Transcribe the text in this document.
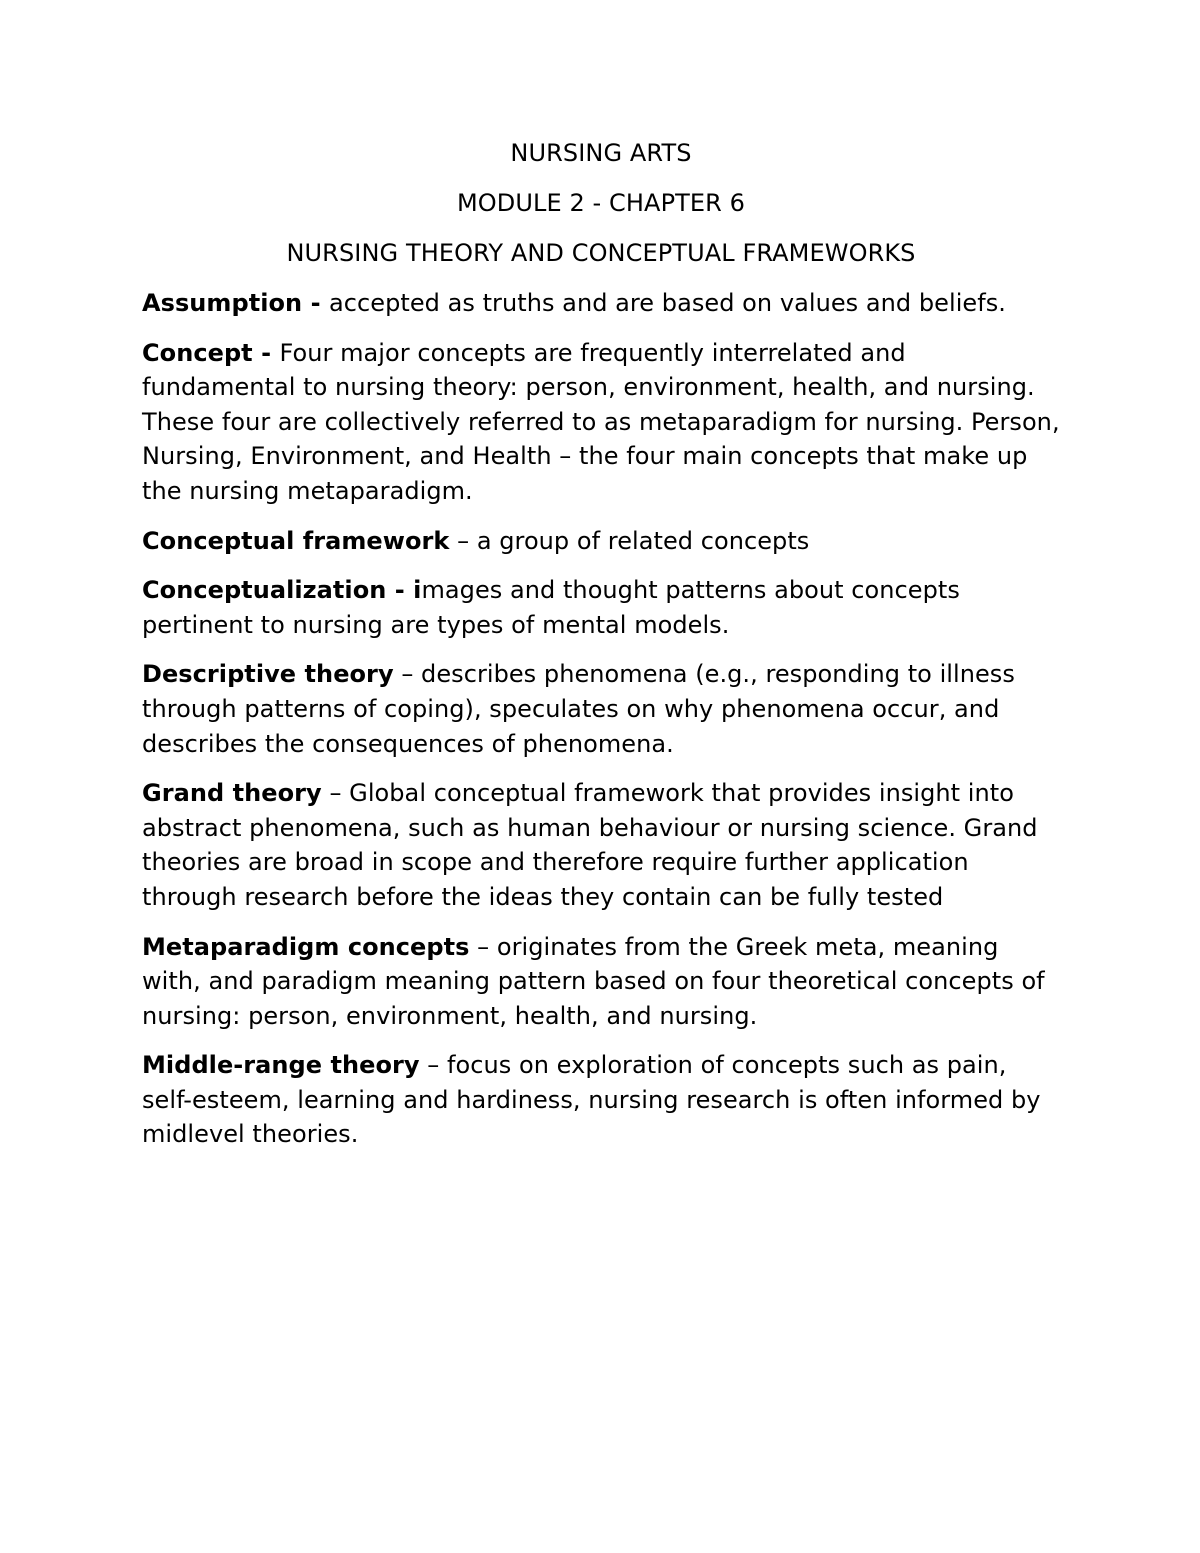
NURSING ARTS

MODULE 2 - CHAPTER 6

NURSING THEORY AND CONCEPTUAL FRAMEWORKS

Assumption - accepted as truths and are based on values and beliefs.

Concept - Four major concepts are frequently interrelated and fundamental to nursing theory: person, environment, health, and nursing. These four are collectively referred to as metaparadigm for nursing. Person, Nursing, Environment, and Health – the four main concepts that make up the nursing metaparadigm.

Conceptual framework – a group of related concepts

Conceptualization - images and thought patterns about concepts pertinent to nursing are types of mental models.

Descriptive theory – describes phenomena (e.g., responding to illness through patterns of coping), speculates on why phenomena occur, and describes the consequences of phenomena.

Grand theory – Global conceptual framework that provides insight into abstract phenomena, such as human behaviour or nursing science. Grand theories are broad in scope and therefore require further application through research before the ideas they contain can be fully tested

Metaparadigm concepts – originates from the Greek meta, meaning with, and paradigm meaning pattern based on four theoretical concepts of nursing: person, environment, health, and nursing.

Middle-range theory – focus on exploration of concepts such as pain, self-esteem, learning and hardiness, nursing research is often informed by midlevel theories.
